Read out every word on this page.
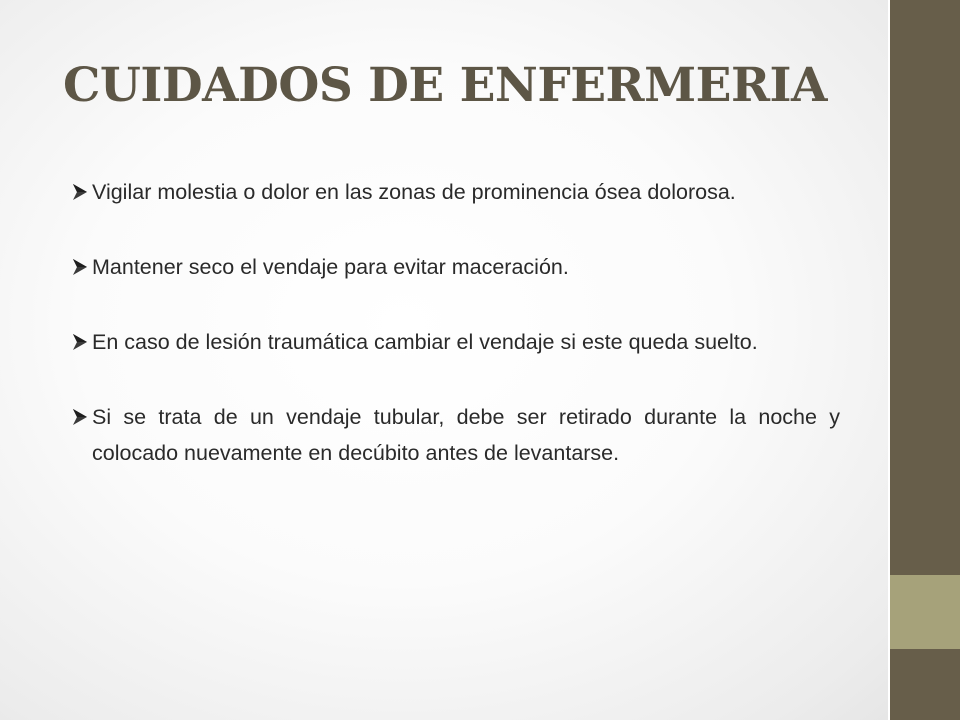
CUIDADOS DE ENFERMERIA
Vigilar molestia o dolor en las zonas de prominencia ósea dolorosa.
Mantener seco el vendaje para evitar maceración.
En caso de lesión traumática cambiar el vendaje si este queda suelto.
Si se trata de un vendaje tubular, debe ser retirado durante la noche y colocado nuevamente en decúbito antes de levantarse.
